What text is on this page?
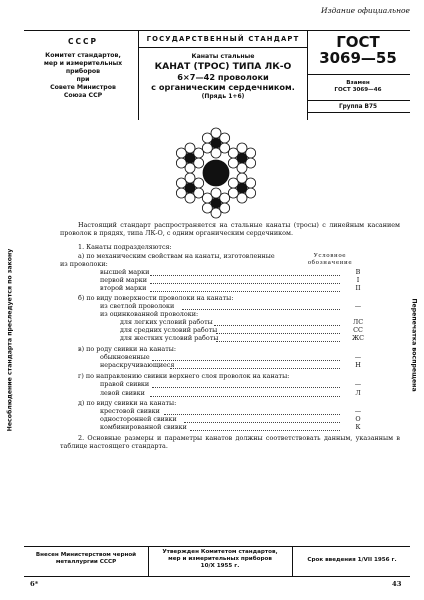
Издание официальное
СССР
Комитет стандартов,
мер и измерительных
приборов
при
Совете Министров
Союза ССР
ГОСУДАРСТВЕННЫЙ СТАНДАРТ
Канаты стальные
КАНАТ (ТРОС) ТИПА ЛК-О
6×7—42 проволоки
с органическим сердечником.
(Прядь 1+6)
ГОСТ
3069—55
Взамен
ГОСТ 3069—46
Группа В75
Несоблюдение стандарта преследуется по закону	Перепечатка воспрещена
Настоящий стандарт распространяется на стальные канаты (тросы) с линейным касанием проволок в прядях, типа ЛК-О, с одним органическим сердечником.
1. Канаты подразделяются:
Условное
обозначение
а) по механическим свойствам на канаты, изготовленные
из проволоки:
высшей марки	В
первой марки	I
второй марки	II
б) по виду поверхности проволоки на канаты:
из светлой проволоки	—
из оцинкованной проволоки:
для легких условий работы	ЛС
для средних условий работы	СС
для жестких условий работы	ЖС
в) по роду свивки на канаты:
обыкновенные	—
нераскручивающиеся	Н
г) по направлению свивки верхнего слоя проволок на канаты:
правой свивки	—
левой свивки	Л
д) по виду свивки на канаты:
крестовой свивки	—
односторонней свивки	О
комбинированной свивки	К
2. Основные размеры и параметры канатов должны соответствовать данным, указанным в таблице настоящего стандарта.
Внесен Министерством черной
металлургии СССР
Утвержден Комитетом стандартов,
мер и измерительных приборов
10/X 1955 г.
Срок введения 1/VII 1956 г.
6*	43
